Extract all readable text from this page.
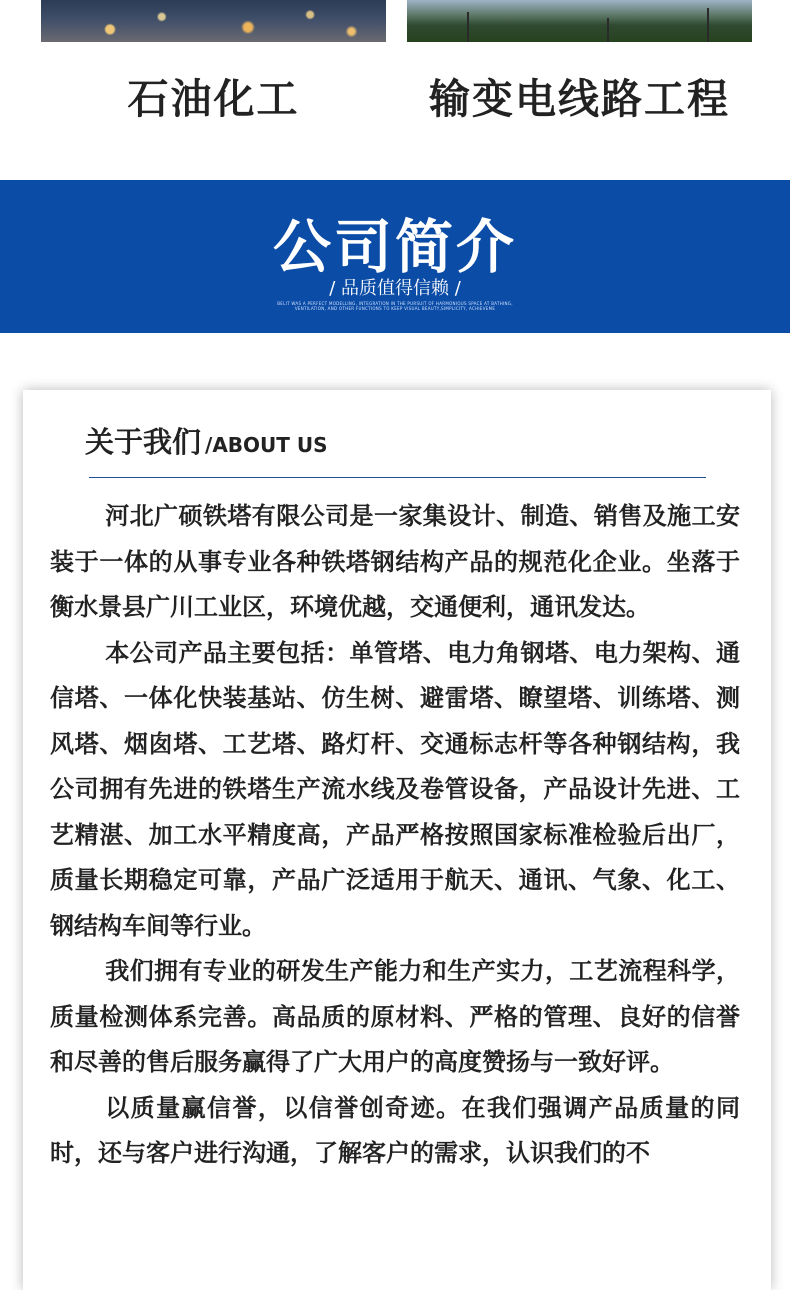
石油化工	输变电线路工程
公司简介
/ 品质值得信赖 /
BELIT WAS A PERFECT MODELLING, INTEGRATION IN THE PURSUIT OF HARMONIOUS SPACE AT BATHING, VENTILATION, AND OTHER FUNCTIONS TO KEEP VISUAL BEAUTY,SIMPLICITY, ACHIEVEME
关于我们 /ABOUT US

河北广硕铁塔有限公司是一家集设计、制造、销售及施工安装于一体的从事专业各种铁塔钢结构产品的规范化企业。坐落于衡水景县广川工业区，环境优越，交通便利，通讯发达。

本公司产品主要包括：单管塔、电力角钢塔、电力架构、通信塔、一体化快装基站、仿生树、避雷塔、瞭望塔、训练塔、测风塔、烟囱塔、工艺塔、路灯杆、交通标志杆等各种钢结构，我公司拥有先进的铁塔生产流水线及卷管设备，产品设计先进、工艺精湛、加工水平精度高，产品严格按照国家标准检验后出厂，质量长期稳定可靠，产品广泛适用于航天、通讯、气象、化工、钢结构车间等行业。

我们拥有专业的研发生产能力和生产实力，工艺流程科学，质量检测体系完善。高品质的原材料、严格的管理、良好的信誉和尽善的售后服务赢得了广大用户的高度赞扬与一致好评。

以质量赢信誉，以信誉创奇迹。在我们强调产品质量的同时，还与客户进行沟通，了解客户的需求，认识我们的不
